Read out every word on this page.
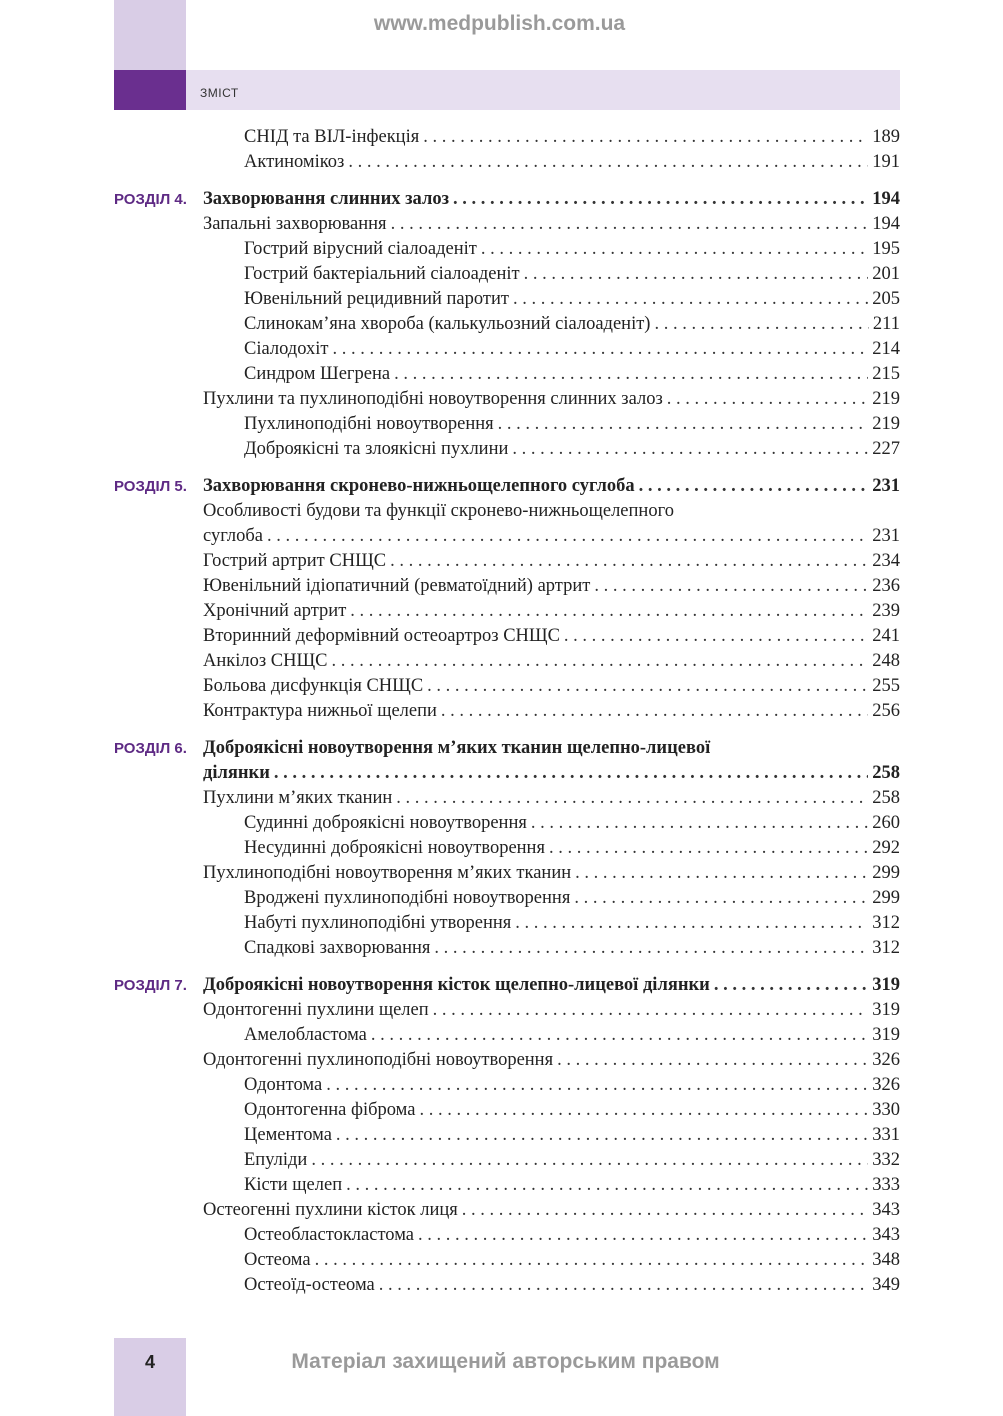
ЗМІСТ
www.medpublish.com.ua
СНІД та ВІЛ-інфекція . . .	189
Актиномікоз . . .	191
РОЗДІЛ 4. Захворювання слинних залоз . . .	194
Запальні захворювання . . .	194
Гострий вірусний сіалоаденіт . . .	195
Гострий бактеріальний сіалоаденіт . . .	201
Ювенільний рецидивний паротит . . .	205
Слинокам’яна хвороба (калькульозний сіалоаденіт) . . .	211
Сіалодохіт . . .	214
Синдром Шегрена . . .	215
Пухлини та пухлиноподібні новоутворення слинних залоз . . .	219
Пухлиноподібні новоутворення . . .	219
Доброякісні та злоякісні пухлини . . .	227
РОЗДІЛ 5. Захворювання скронево-нижньощелепного суглоба . . .	231
Особливості будови та функції скронево-нижньощелепного
суглоба . . .	231
Гострий артрит СНЩС . . .	234
Ювенільний ідіопатичний (ревматоїдний) артрит . . .	236
Хронічний артрит . . .	239
Вторинний деформівний остеоартроз СНЩС . . .	241
Анкілоз СНЩС . . .	248
Больова дисфункція СНЩС . . .	255
Контрактура нижньої щелепи . . .	256
РОЗДІЛ 6. Доброякісні новоутворення м’яких тканин щелепно-лицевої
ділянки . . .	258
Пухлини м’яких тканин . . .	258
Судинні доброякісні новоутворення . . .	260
Несудинні доброякісні новоутворення . . .	292
Пухлиноподібні новоутворення м’яких тканин . . .	299
Вроджені пухлиноподібні новоутворення . . .	299
Набуті пухлиноподібні утворення . . .	312
Спадкові захворювання . . .	312
РОЗДІЛ 7. Доброякісні новоутворення кісток щелепно-лицевої ділянки . . .	319
Одонтогенні пухлини щелеп . . .	319
Амелобластома . . .	319
Одонтогенні пухлиноподібні новоутворення . . .	326
Одонтома . . .	326
Одонтогенна фіброма . . .	330
Цементома . . .	331
Епуліди . . .	332
Кісти щелеп . . .	333
Остеогенні пухлини кісток лиця . . .	343
Остеобластокластома . . .	343
Остеома . . .	348
Остеоїд-остеома . . .	349
4	Матеріал захищений авторським правом
